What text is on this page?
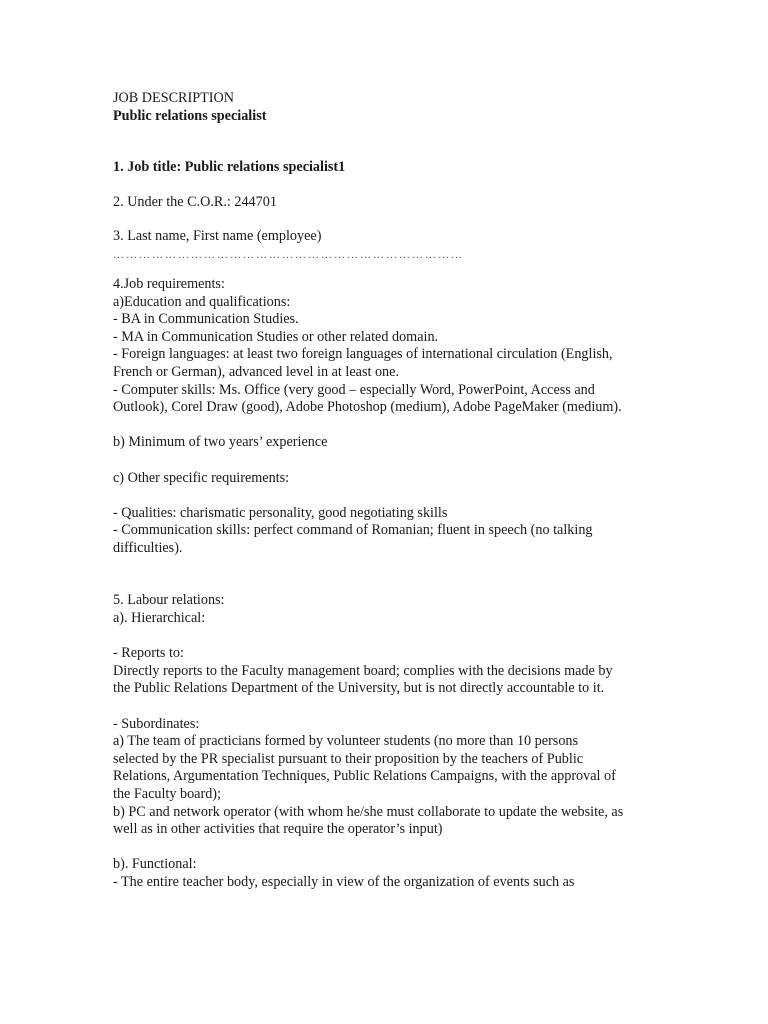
JOB DESCRIPTION
Public relations specialist
1. Job title: Public relations specialist1
2. Under the C.O.R.: 244701
3. Last name, First name (employee)
………………………………………………………………………
4.Job requirements:
a)Education and qualifications:
- BA in Communication Studies.
- MA in Communication Studies or other related domain.
- Foreign languages: at least two foreign languages of international circulation (English,
French or German), advanced level in at least one.
- Computer skills: Ms. Office (very good – especially Word, PowerPoint, Access and
Outlook), Corel Draw (good), Adobe Photoshop (medium), Adobe PageMaker (medium).
b) Minimum of two years’ experience
c) Other specific requirements:
- Qualities: charismatic personality, good negotiating skills
- Communication skills: perfect command of Romanian; fluent in speech (no talking
difficulties).
5. Labour relations:
a). Hierarchical:
- Reports to:
Directly reports to the Faculty management board; complies with the decisions made by
the Public Relations Department of the University, but is not directly accountable to it.
- Subordinates:
a) The team of practicians formed by volunteer students (no more than 10 persons
selected by the PR specialist pursuant to their proposition by the teachers of Public
Relations, Argumentation Techniques, Public Relations Campaigns, with the approval of
the Faculty board);
b) PC and network operator (with whom he/she must collaborate to update the website, as
well as in other activities that require the operator’s input)
b). Functional:
- The entire teacher body, especially in view of the organization of events such as
